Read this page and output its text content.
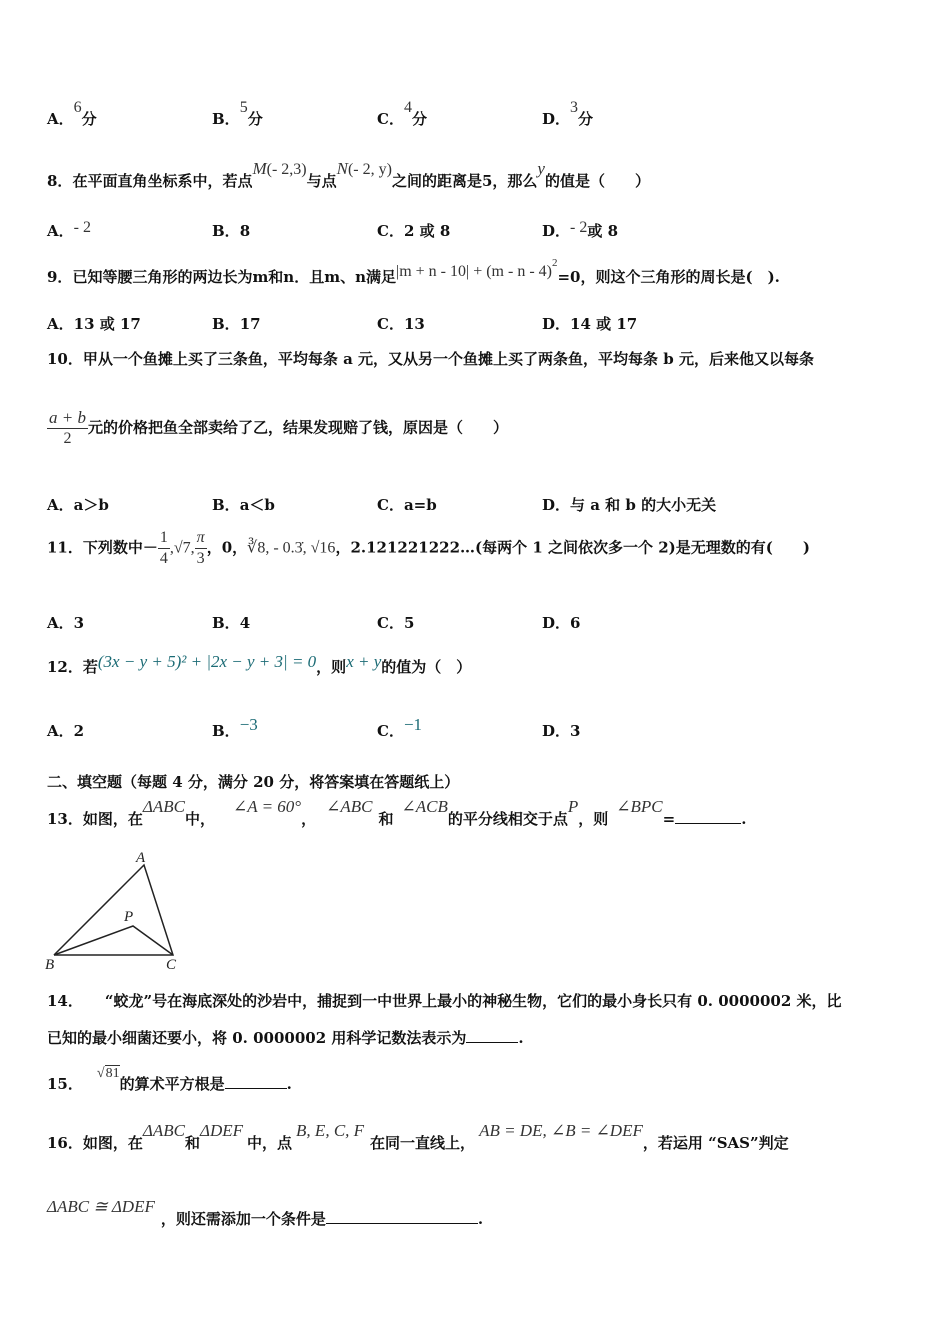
A．6分	B．5分	C．4分	D．3分
8．在平面直角坐标系中，若点M(- 2,3)与点N(- 2, y)之间的距离是5，那么y的值是（　　）
A．- 2	B．8	C．2 或 8	D．- 2或 8
9．已知等腰三角形的两边长为m和n．且m、n满足|m + n - 10| + (m - n - 4)$^2$=0，则这个三角形的周长是(　).
A．13 或 17	B．17	C．13	D．14 或 17
10．甲从一个鱼摊上买了三条鱼，平均每条 a 元，又从另一个鱼摊上买了两条鱼，平均每条 b 元，后来他又以每条
$\frac{a + b}{2}$ 元的价格把鱼全部卖给了乙，结果发现赔了钱，原因是（　　）
A．a＞b	B．a＜b	C．a=b	D．与 a 和 b 的大小无关
11．下列数中－ $\frac{1}{4} ,√7$, $\frac{\pi}{3}$ ，0，∛8, - 0.3̇, √16，2.121221222…(每两个 1 之间依次多一个 2)是无理数的有(　　)
A．3	B．4	C．5	D．6
12．若(3x − y + 5)² + |2x − y + 3| = 0，则x + y的值为（　）
A．2	B．−3	C．−1	D．3
二、填空题（每题 4 分，满分 20 分，将答案填在答题纸上）
13．如图，在ΔABC中，∠A = 60°，∠ABC和∠ACB的平分线相交于点P，则∠BPC=	.
A
B	C
P
14． “蛟龙”号在海底深处的沙岩中，捕捉到一中世界上最小的神秘生物，它们的最小身长只有 0. 0000002 米，比
已知的最小细菌还要小，将 0. 0000002 用科学记数法表示为	.
15．√81的算术平方根是	.
16．如图，在ΔABC和ΔDEF中，点B, E, C, F在同一直线上，AB = DE, ∠B = ∠DEF，若运用 “SAS”判定
ΔABC ≅ ΔDEF，则还需添加一个条件是	.
